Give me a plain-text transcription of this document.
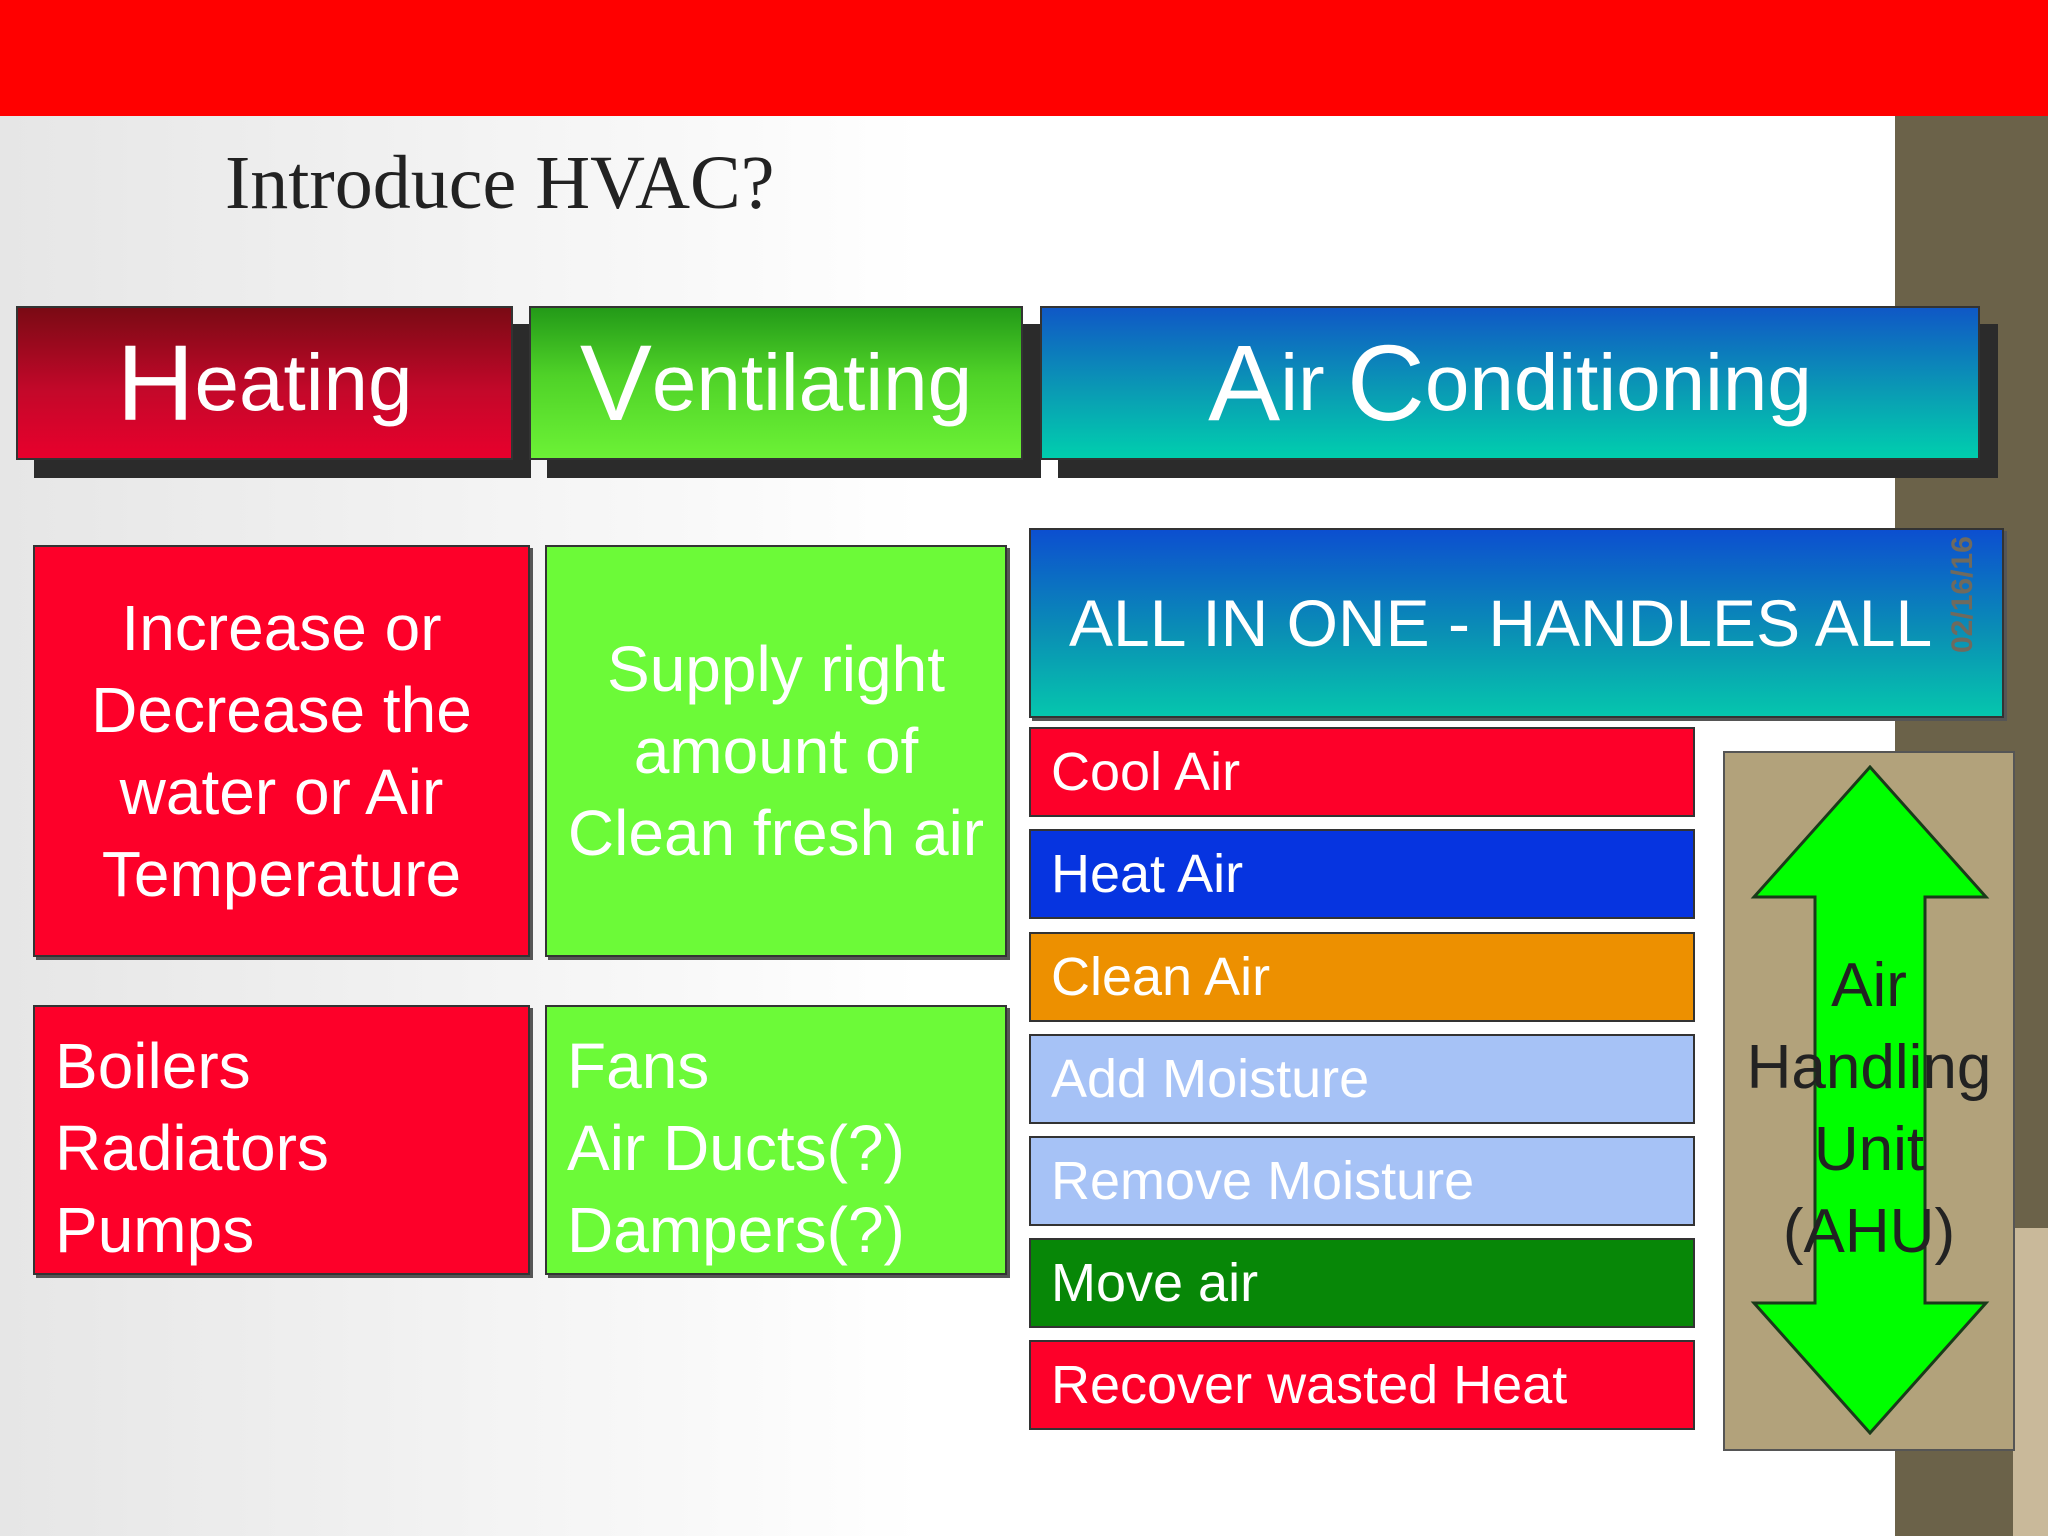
Introduce HVAC?
H eating V entilating A ir C onditioning
Increase or
Decrease the
water or Air
Temperature
Supply right
amount of
Clean fresh air
Boilers
Radiators
Pumps
Fans
Air Ducts(?)
Dampers(?)
ALL IN ONE - HANDLES ALL 02/16/16
Cool Air
Heat Air
Clean Air
Add Moisture
Remove Moisture
Move air
Recover wasted Heat
Air
Handling
Unit
(AHU)
